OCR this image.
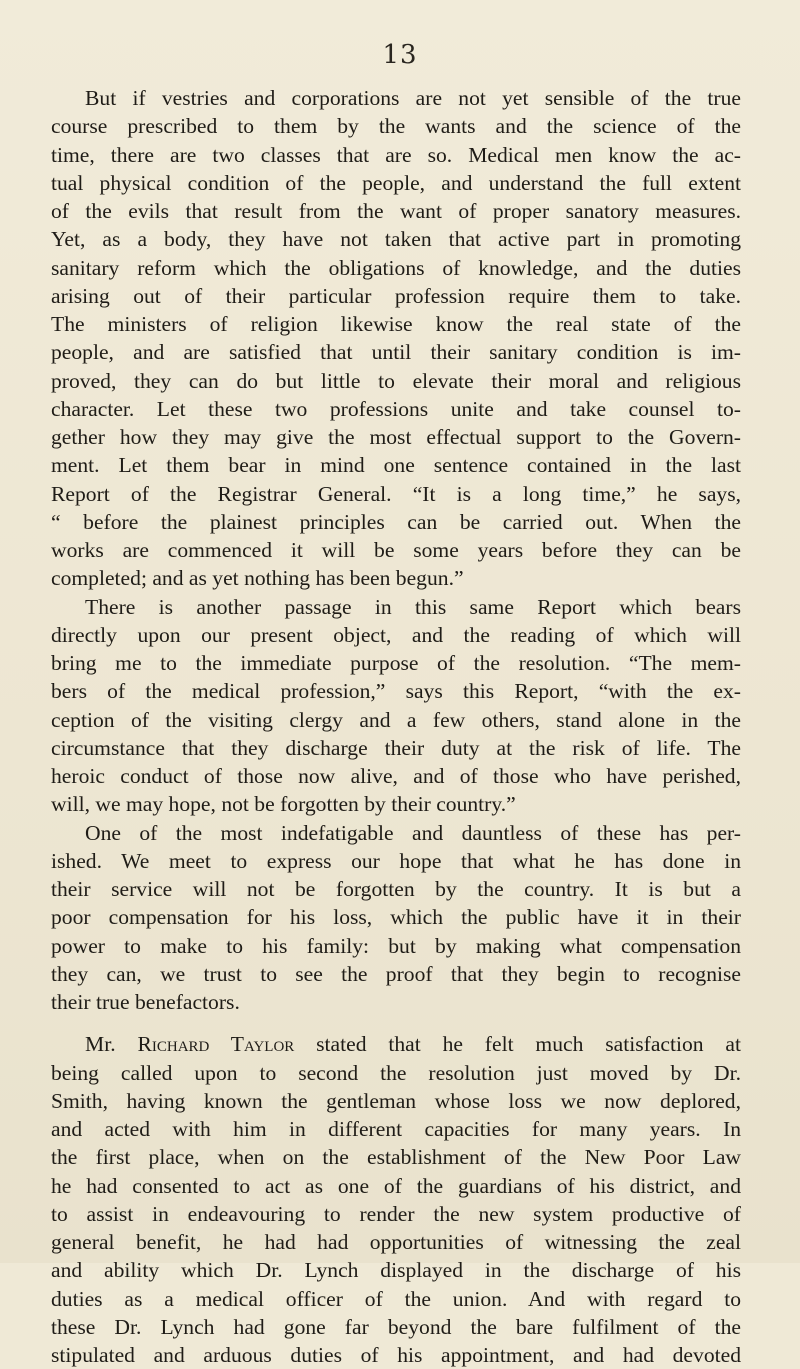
13

But if vestries and corporations are not yet sensible of the true

course prescribed to them by the wants and the science of the

time, there are two classes that are so. Medical men know the ac-

tual physical condition of the people, and understand the full extent

of the evils that result from the want of proper sanatory measures.

Yet, as a body, they have not taken that active part in promoting

sanitary reform which the obligations of knowledge, and the duties

arising out of their particular profession require them to take.

The ministers of religion likewise know the real state of the

people, and are satisfied that until their sanitary condition is im-

proved, they can do but little to elevate their moral and religious

character. Let these two professions unite and take counsel to-

gether how they may give the most effectual support to the Govern-

ment. Let them bear in mind one sentence contained in the last

Report of the Registrar General. “It is a long time,” he says,

“ before the plainest principles can be carried out. When the

works are commenced it will be some years before they can be

completed; and as yet nothing has been begun.”

There is another passage in this same Report which bears

directly upon our present object, and the reading of which will

bring me to the immediate purpose of the resolution. “The mem-

bers of the medical profession,” says this Report, “with the ex-

ception of the visiting clergy and a few others, stand alone in the

circumstance that they discharge their duty at the risk of life. The

heroic conduct of those now alive, and of those who have perished,

will, we may hope, not be forgotten by their country.”

One of the most indefatigable and dauntless of these has per-

ished. We meet to express our hope that what he has done in

their service will not be forgotten by the country. It is but a

poor compensation for his loss, which the public have it in their

power to make to his family: but by making what compensation

they can, we trust to see the proof that they begin to recognise

their true benefactors.

Mr. Richard Taylor stated that he felt much satisfaction at

being called upon to second the resolution just moved by Dr.

Smith, having known the gentleman whose loss we now deplored,

and acted with him in different capacities for many years. In

the first place, when on the establishment of the New Poor Law

he had consented to act as one of the guardians of his district, and

to assist in endeavouring to render the new system productive of

general benefit, he had had opportunities of witnessing the zeal

and ability which Dr. Lynch displayed in the discharge of his

duties as a medical officer of the union. And with regard to

these Dr. Lynch had gone far beyond the bare fulfilment of the

stipulated and arduous duties of his appointment, and had devoted
